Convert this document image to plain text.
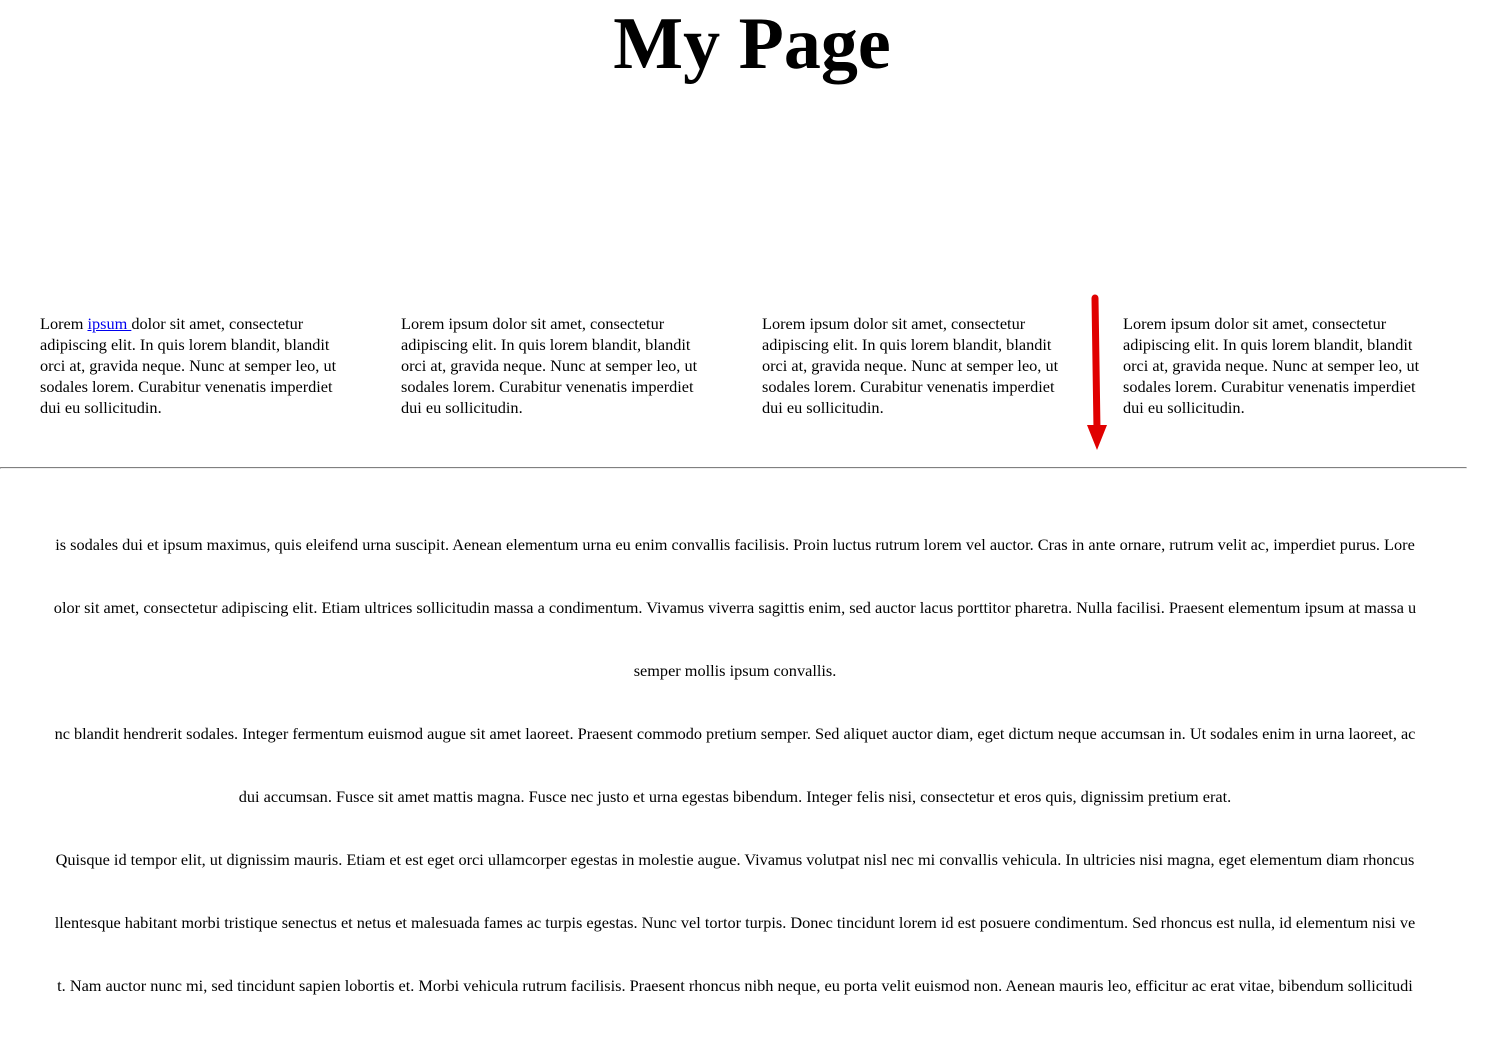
My Page
Lorem ipsum dolor sit amet, consectetur
adipiscing elit. In quis lorem blandit, blandit
orci at, gravida neque. Nunc at semper leo, ut
sodales lorem. Curabitur venenatis imperdiet
dui eu sollicitudin.
Lorem ipsum dolor sit amet, consectetur
adipiscing elit. In quis lorem blandit, blandit
orci at, gravida neque. Nunc at semper leo, ut
sodales lorem. Curabitur venenatis imperdiet
dui eu sollicitudin.
Lorem ipsum dolor sit amet, consectetur
adipiscing elit. In quis lorem blandit, blandit
orci at, gravida neque. Nunc at semper leo, ut
sodales lorem. Curabitur venenatis imperdiet
dui eu sollicitudin.
Lorem ipsum dolor sit amet, consectetur
adipiscing elit. In quis lorem blandit, blandit
orci at, gravida neque. Nunc at semper leo, ut
sodales lorem. Curabitur venenatis imperdiet
dui eu sollicitudin.

is sodales dui et ipsum maximus, quis eleifend urna suscipit. Aenean elementum urna eu enim convallis facilisis. Proin luctus rutrum lorem vel auctor. Cras in ante ornare, rutrum velit ac, imperdiet purus. Lore

olor sit amet, consectetur adipiscing elit. Etiam ultrices sollicitudin massa a condimentum. Vivamus viverra sagittis enim, sed auctor lacus porttitor pharetra. Nulla facilisi. Praesent elementum ipsum at massa u

semper mollis ipsum convallis.

nc blandit hendrerit sodales. Integer fermentum euismod augue sit amet laoreet. Praesent commodo pretium semper. Sed aliquet auctor diam, eget dictum neque accumsan in. Ut sodales enim in urna laoreet, ac

dui accumsan. Fusce sit amet mattis magna. Fusce nec justo et urna egestas bibendum. Integer felis nisi, consectetur et eros quis, dignissim pretium erat.

Quisque id tempor elit, ut dignissim mauris. Etiam et est eget orci ullamcorper egestas in molestie augue. Vivamus volutpat nisl nec mi convallis vehicula. In ultricies nisi magna, eget elementum diam rhoncus

llentesque habitant morbi tristique senectus et netus et malesuada fames ac turpis egestas. Nunc vel tortor turpis. Donec tincidunt lorem id est posuere condimentum. Sed rhoncus est nulla, id elementum nisi ve

t. Nam auctor nunc mi, sed tincidunt sapien lobortis et. Morbi vehicula rutrum facilisis. Praesent rhoncus nibh neque, eu porta velit euismod non. Aenean mauris leo, efficitur ac erat vitae, bibendum sollicitudi
